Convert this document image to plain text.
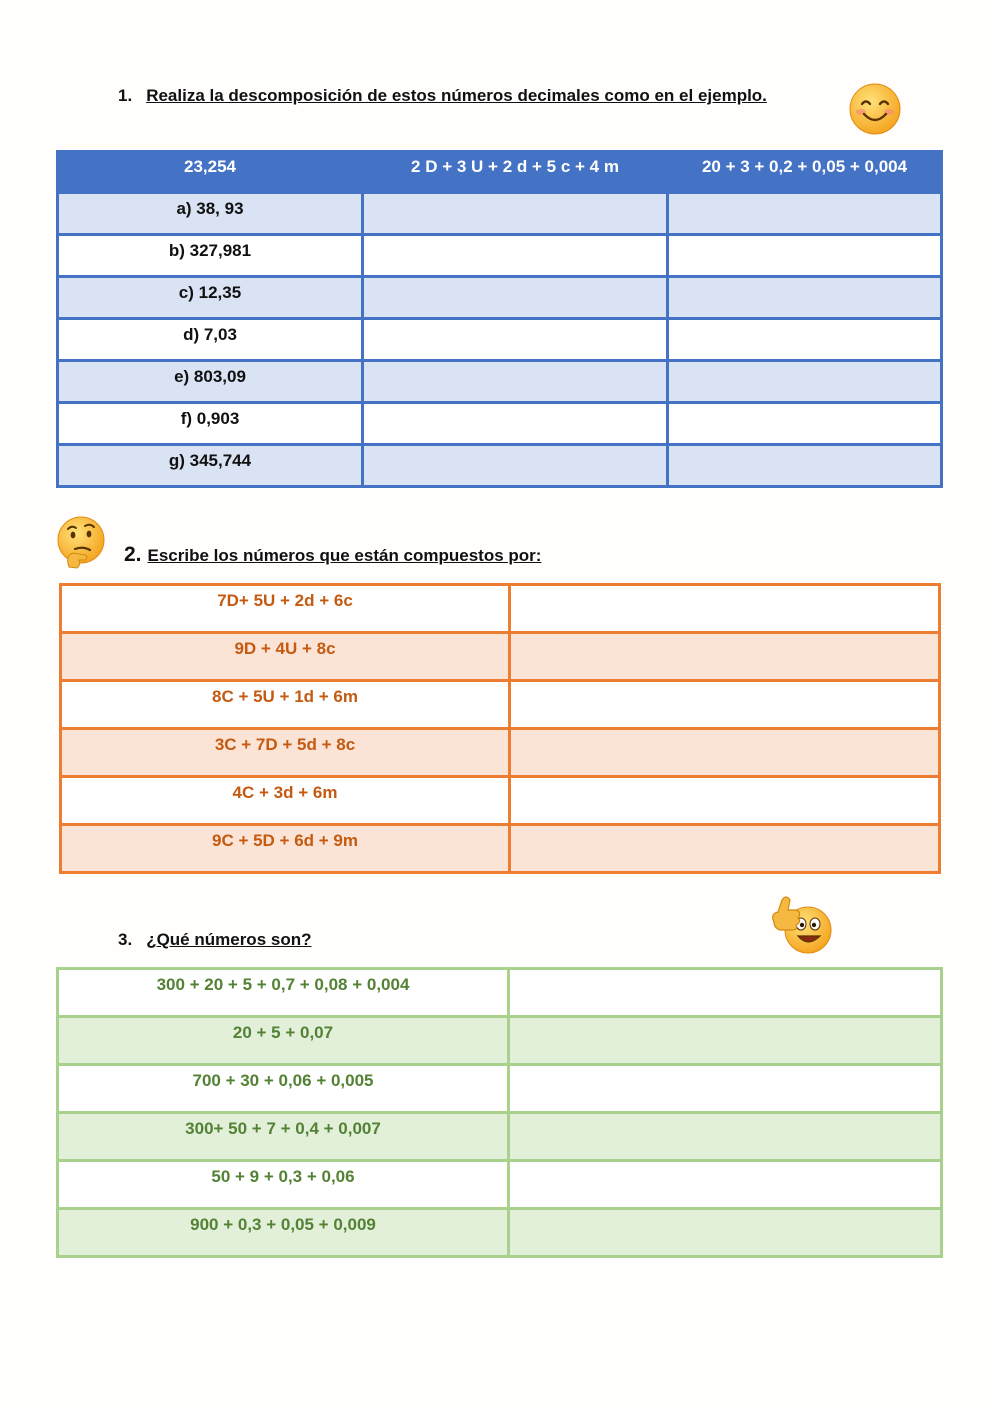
1. Realiza la descomposición de estos números decimales como en el ejemplo.
23,254	2 D + 3 U + 2 d + 5 c + 4 m	20 + 3 + 0,2 + 0,05 + 0,004
a) 38, 93		
b) 327,981		
c) 12,35		
d) 7,03		
e) 803,09		
f) 0,903		
g) 345,744		
2. Escribe los números que están compuestos por:
7D+ 5U + 2d + 6c	
9D + 4U + 8c	
8C + 5U + 1d + 6m	
3C + 7D + 5d + 8c	
4C + 3d + 6m	
9C + 5D + 6d + 9m	
3. ¿Qué números son?
300 + 20 + 5 + 0,7 + 0,08 + 0,004	
20 + 5 + 0,07	
700 + 30 + 0,06 + 0,005	
300+ 50 + 7 + 0,4 + 0,007	
50 + 9 + 0,3 + 0,06	
900 + 0,3 + 0,05 + 0,009	
